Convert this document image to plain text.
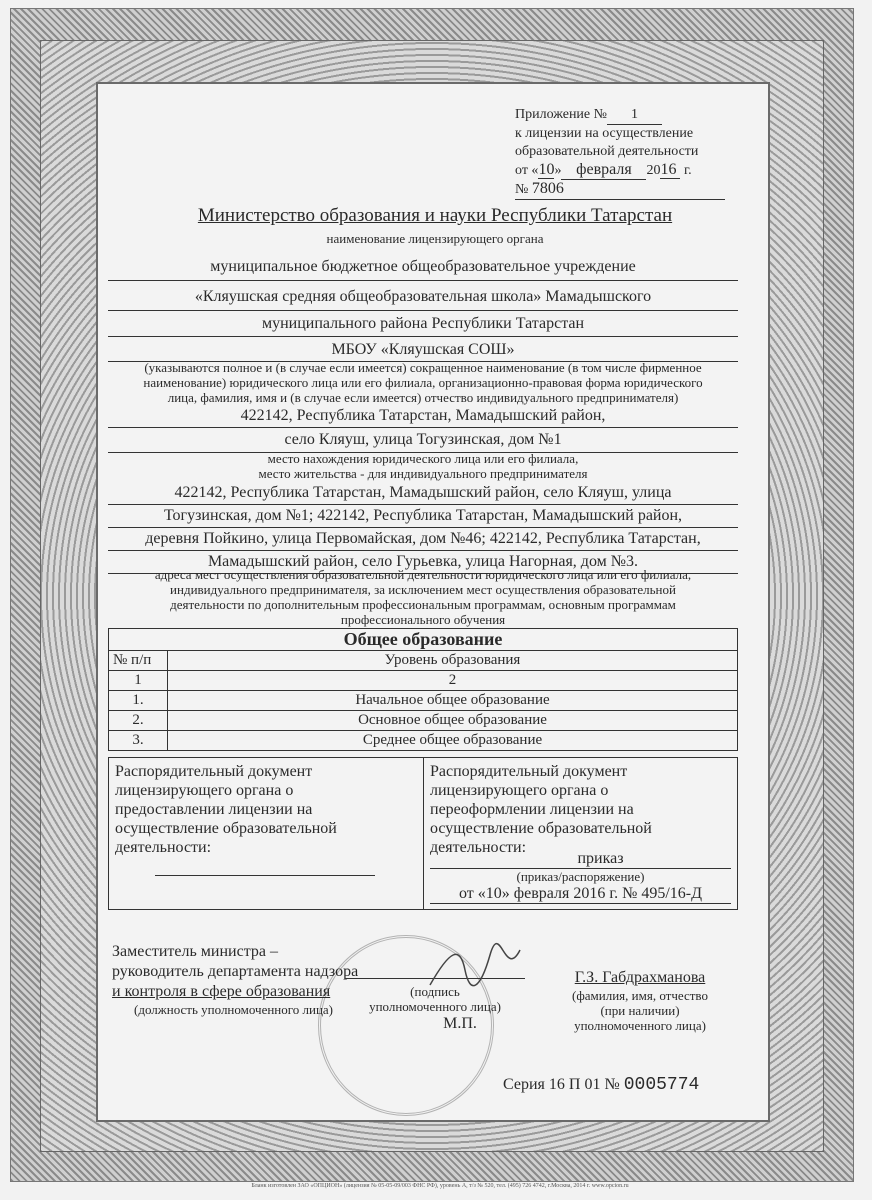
Приложение № 1
к лицензии на осуществление
образовательной деятельности
от «10» февраля 2016 г.
№ 7806
Министерство образования и науки Республики Татарстан
наименование лицензирующего органа
муниципальное бюджетное общеобразовательное учреждение
«Кляушская средняя общеобразовательная школа» Мамадышского
муниципального района Республики Татарстан
МБОУ «Кляушская СОШ»
(указываются полное и (в случае если имеется) сокращенное наименование (в том числе фирменное
наименование) юридического лица или его филиала, организационно-правовая форма юридического
лица, фамилия, имя и (в случае если имеется) отчество индивидуального предпринимателя)
422142, Республика Татарстан, Мамадышский район,
село Кляуш, улица Тогузинская, дом №1
место нахождения юридического лица или его филиала,
место жительства - для индивидуального предпринимателя
422142, Республика Татарстан, Мамадышский район, село Кляуш, улица
Тогузинская, дом №1; 422142, Республика Татарстан, Мамадышский район,
деревня Пойкино, улица Первомайская, дом №46; 422142, Республика Татарстан,
Мамадышский район, село Гурьевка, улица Нагорная, дом №3.
адреса мест осуществления образовательной деятельности юридического лица или его филиала,
индивидуального предпринимателя, за исключением мест осуществления образовательной
деятельности по дополнительным профессиональным программам, основным программам
профессионального обучения
Общее образование	
№ п/п	Уровень образования
1	2
1.	Начальное общее образование
2.	Основное общее образование
3.	Среднее общее образование
Распорядительный документ
лицензирующего органа о
предоставлении лицензии на
осуществление образовательной
деятельности:
Распорядительный документ
лицензирующего органа о
переоформлении лицензии на
осуществление образовательной
деятельности:
приказ
(приказ/распоряжение)
от «10» февраля 2016 г. № 495/16-Д
Заместитель министра –
руководитель департамента надзора
и контроля в сфере образования
(должность уполномоченного лица)
(подпись
уполномоченного лица)
М.П.
Г.З. Габдрахманова
(фамилия, имя, отчество
(при наличии)
уполномоченного лица)
Серия 16 П 01 № 0005774
Бланк изготовлен ЗАО «ОПЦИОН» (лицензия № 05-05-09/003 ФНС РФ), уровень А, т/з № 520, тел. (495) 726 4742, г.Москва, 2014 г. www.opcion.ru
